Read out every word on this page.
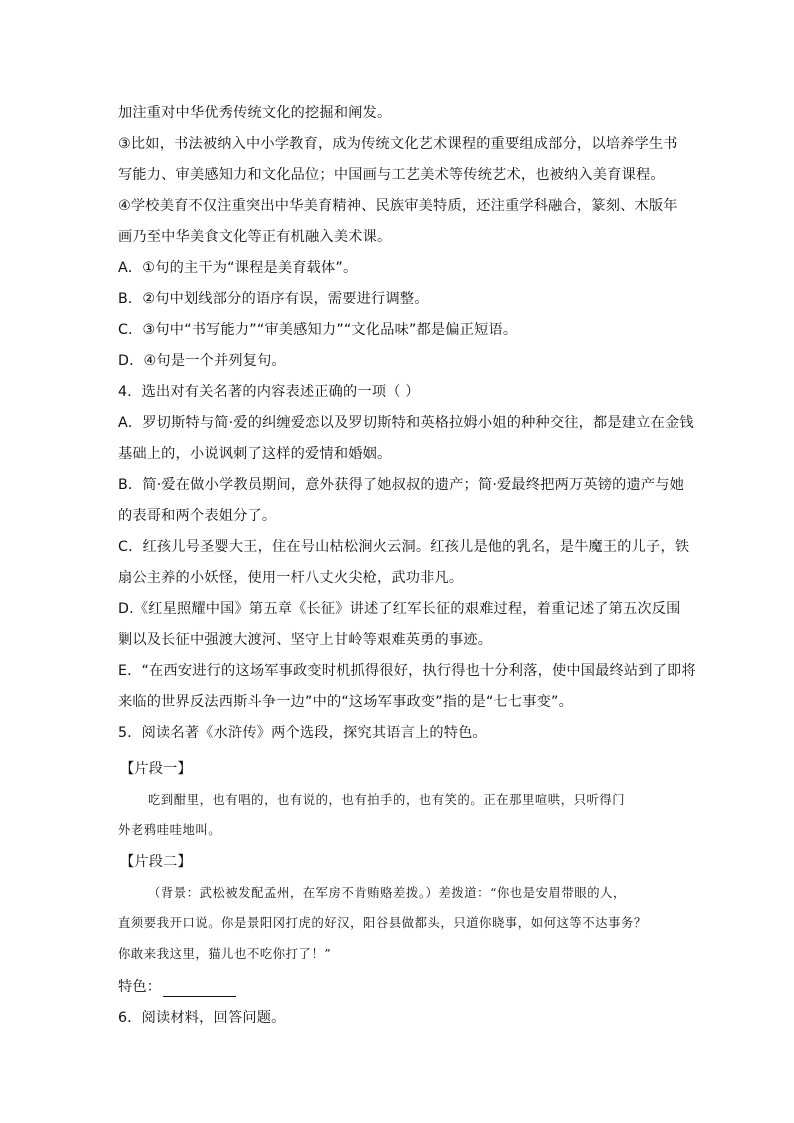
加注重对中华优秀传统文化的挖掘和阐发。
③比如，书法被纳入中小学教育，成为传统文化艺术课程的重要组成部分，以培养学生书
写能力、审美感知力和文化品位；中国画与工艺美术等传统艺术，也被纳入美育课程。
④学校美育不仅注重突出中华美育精神、民族审美特质，还注重学科融合，篆刻、木版年
画乃至中华美食文化等正有机融入美术课。
A．①句的主干为“课程是美育载体”。
B．②句中划线部分的语序有误，需要进行调整。
C．③句中“书写能力”“审美感知力”“文化品味”都是偏正短语。
D．④句是一个并列复句。
4．选出对有关名著的内容表述正确的一项（ ）
A．罗切斯特与简·爱的纠缠爱恋以及罗切斯特和英格拉姆小姐的种种交往，都是建立在金钱
基础上的，小说讽刺了这样的爱情和婚姻。
B．简·爱在做小学教员期间，意外获得了她叔叔的遗产；简·爱最终把两万英镑的遗产与她
的表哥和两个表姐分了。
C．红孩儿号圣婴大王，住在号山枯松涧火云洞。红孩儿是他的乳名，是牛魔王的儿子，铁
扇公主养的小妖怪，使用一杆八丈火尖枪，武功非凡。
D.《红星照耀中国》第五章《长征》讲述了红军长征的艰难过程，着重记述了第五次反围
剿以及长征中强渡大渡河、坚守上甘岭等艰难英勇的事迹。
E．“在西安进行的这场军事政变时机抓得很好，执行得也十分利落，使中国最终站到了即将
来临的世界反法西斯斗争一边”中的“这场军事政变”指的是“七七事变”。
5．阅读名著《水浒传》两个选段，探究其语言上的特色。
【片段一】
吃到酣里，也有唱的，也有说的，也有拍手的，也有笑的。正在那里喧哄，只听得门
外老鸦哇哇地叫。
【片段二】
（背景：武松被发配孟州，在军房不肯贿赂差拨。）差拨道：“你也是安眉带眼的人，
直须要我开口说。你是景阳冈打虎的好汉，阳谷县做都头，只道你晓事，如何这等不达事务？
你敢来我这里，猫儿也不吃你打了！”
特色：
6．阅读材料，回答问题。
